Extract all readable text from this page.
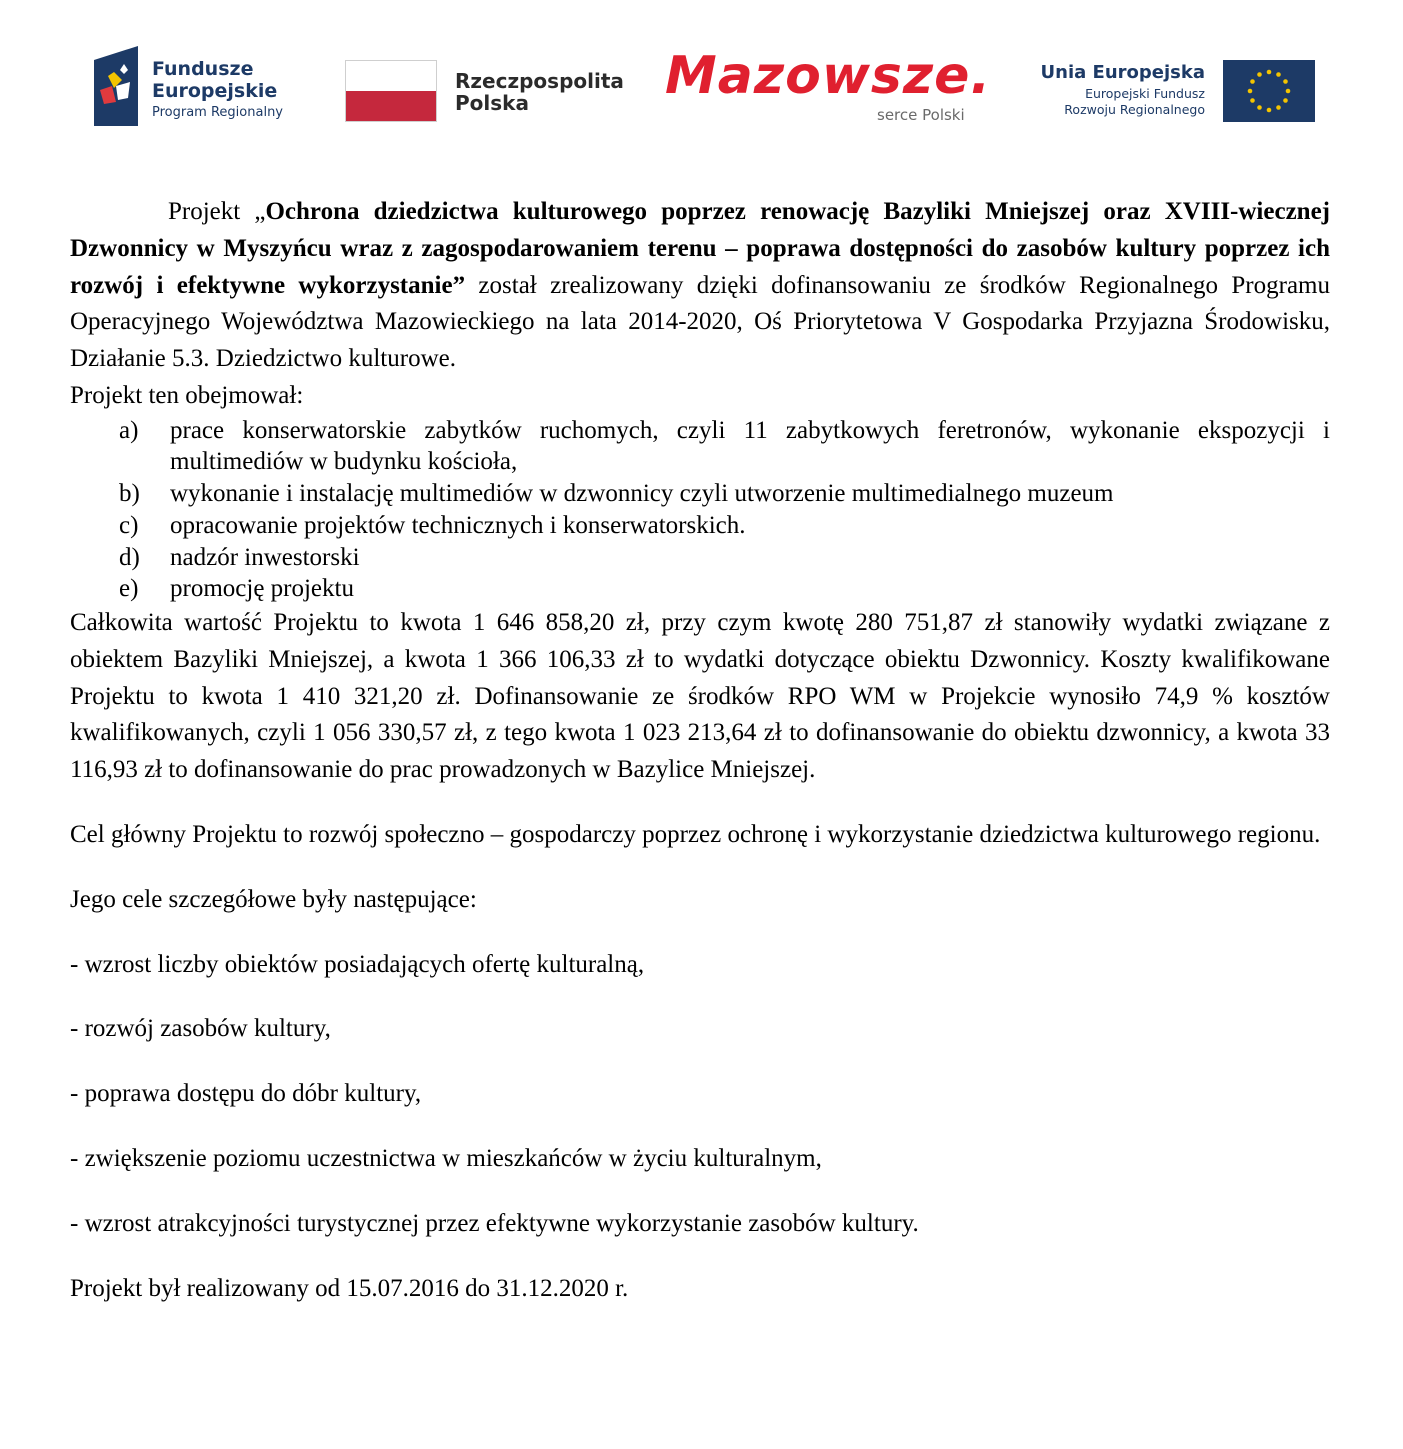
Fundusze
Europejskie
Program Regionalny
Rzeczpospolita
Polska	Mazowsze.
serce Polski
Unia Europejska
Europejski Fundusz
Rozwoju Regionalnego

Projekt „Ochrona dziedzictwa kulturowego poprzez renowację Bazyliki Mniejszej oraz XVIII-wiecznej Dzwonnicy w Myszyńcu wraz z zagospodarowaniem terenu – poprawa dostępności do zasobów kultury poprzez ich rozwój i efektywne wykorzystanie” został zrealizowany dzięki dofinansowaniu ze środków Regionalnego Programu Operacyjnego Województwa Mazowieckiego na lata 2014-2020, Oś Priorytetowa V Gospodarka Przyjazna Środowisku, Działanie 5.3. Dziedzictwo kulturowe.

Projekt ten obejmował:

a) prace konserwatorskie zabytków ruchomych, czyli 11 zabytkowych feretronów, wykonanie ekspozycji i multimediów w budynku kościoła,
b) wykonanie i instalację multimediów w dzwonnicy czyli utworzenie multimedialnego muzeum
c) opracowanie projektów technicznych i konserwatorskich.
d) nadzór inwestorski
e) promocję projektu

Całkowita wartość Projektu to kwota 1 646 858,20 zł, przy czym kwotę 280 751,87 zł stanowiły wydatki związane z obiektem Bazyliki Mniejszej, a kwota 1 366 106,33 zł to wydatki dotyczące obiektu Dzwonnicy. Koszty kwalifikowane Projektu to kwota 1 410 321,20 zł. Dofinansowanie ze środków RPO WM w Projekcie wynosiło 74,9 % kosztów kwalifikowanych, czyli 1 056 330,57 zł, z tego kwota 1 023 213,64 zł to dofinansowanie do obiektu dzwonnicy, a kwota 33 116,93 zł to dofinansowanie do prac prowadzonych w Bazylice Mniejszej.

Cel główny Projektu to rozwój społeczno – gospodarczy poprzez ochronę i wykorzystanie dziedzictwa kulturowego regionu.

Jego cele szczegółowe były następujące:

- wzrost liczby obiektów posiadających ofertę kulturalną,

- rozwój zasobów kultury,

- poprawa dostępu do dóbr kultury,

- zwiększenie poziomu uczestnictwa w mieszkańców w życiu kulturalnym,

- wzrost atrakcyjności turystycznej przez efektywne wykorzystanie zasobów kultury.

Projekt był realizowany od 15.07.2016 do 31.12.2020 r.
